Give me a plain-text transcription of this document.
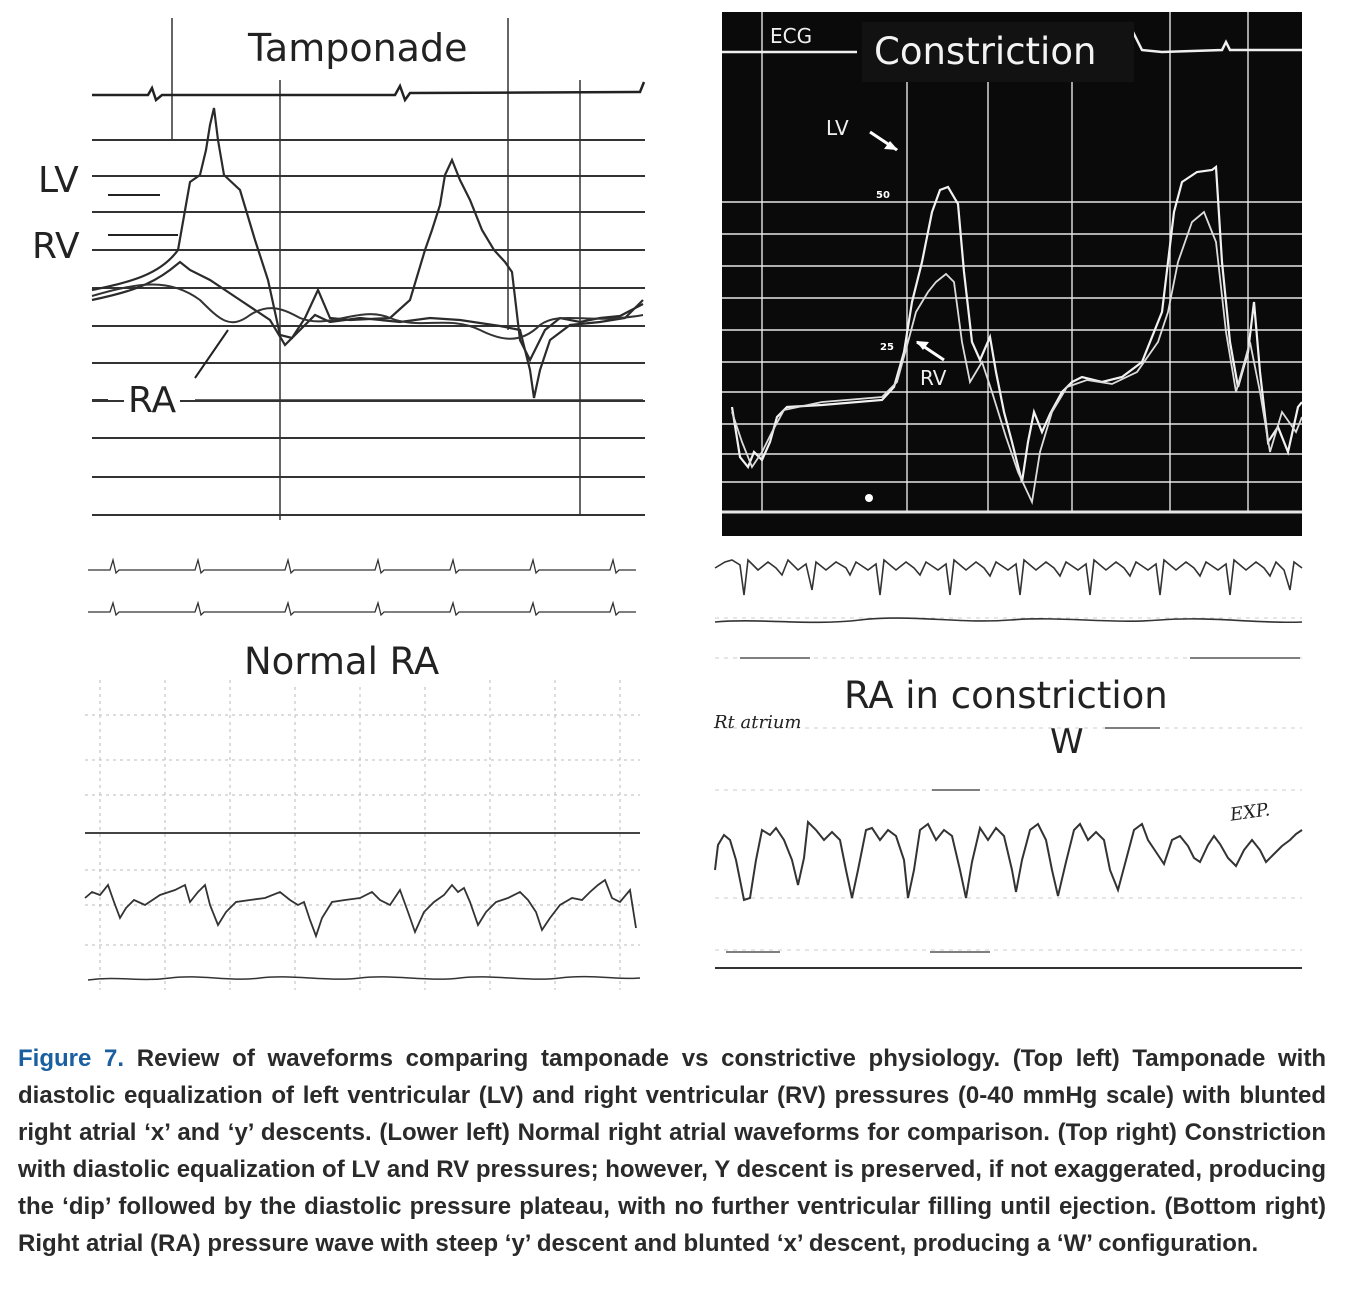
Tamponade
LV
RV
RA
ECG Constriction
LV
RV
50
25
Normal RA
RA in constriction
W
Rt atrium
EXP.
Figure 7. Review of waveforms comparing tamponade vs constrictive physiology. (Top left) Tamponade with diastolic equalization of left ventricular (LV) and right ventricular (RV) pressures (0-40 mmHg scale) with blunted right atrial ‘x’ and ‘y’ descents. (Lower left) Normal right atrial waveforms for comparison. (Top right) Constriction with diastolic equalization of LV and RV pressures; however, Y descent is preserved, if not exaggerated, producing the ‘dip’ followed by the diastolic pressure plateau, with no further ventricular filling until ejection. (Bottom right) Right atrial (RA) pressure wave with steep ‘y’ descent and blunted ‘x’ descent, producing a ‘W’ configuration.
